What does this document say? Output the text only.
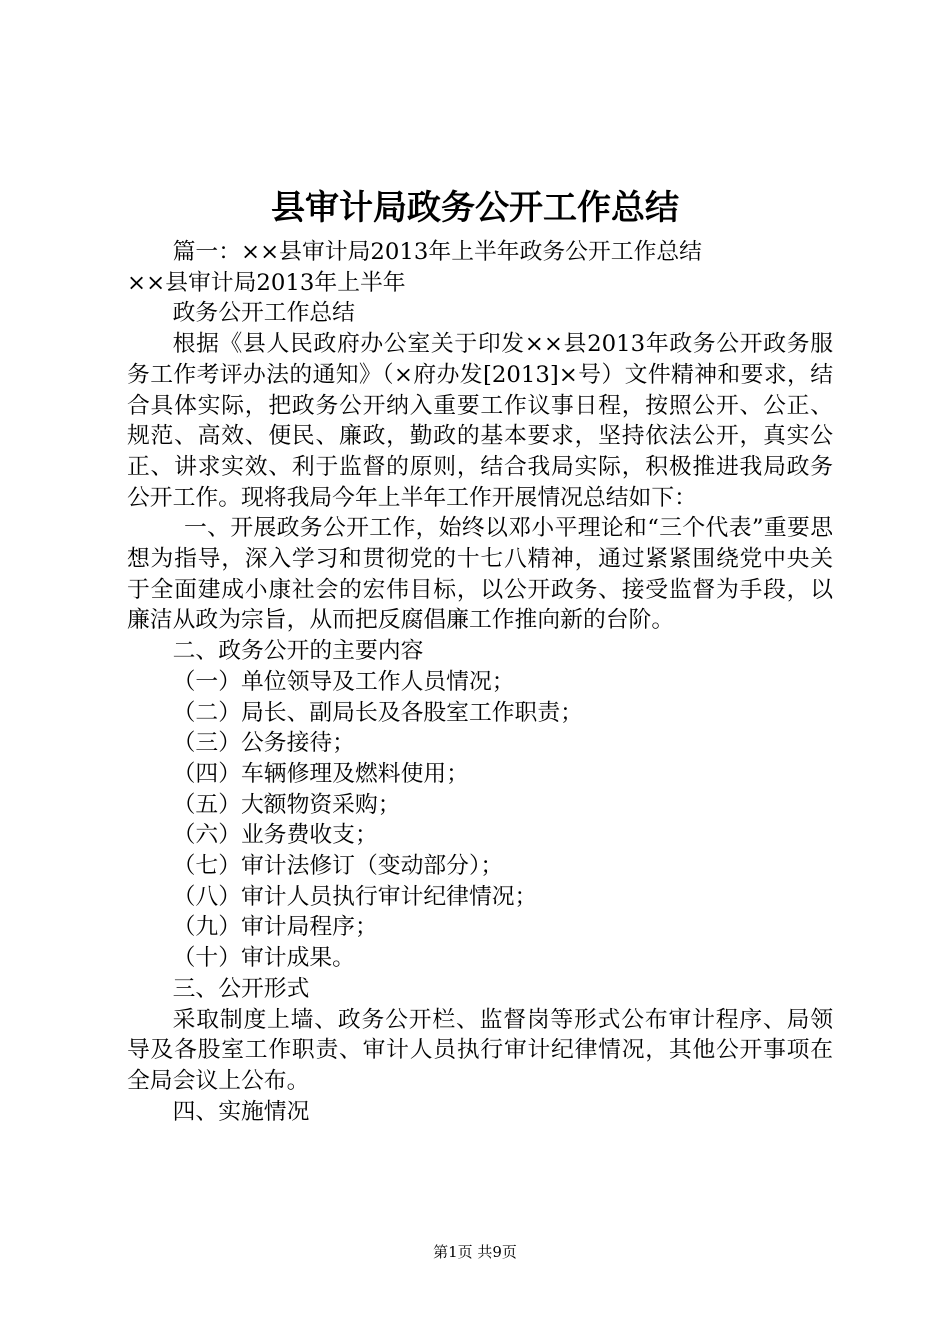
县审计局政务公开工作总结

篇一：××县审计局2013年上半年政务公开工作总结

××县审计局2013年上半年

政务公开工作总结

根据《县人民政府办公室关于印发××县2013年政务公开政务服务工作考评办法的通知》（×府办发[2013]×号）文件精神和要求，结合具体实际，把政务公开纳入重要工作议事日程，按照公开、公正、规范、高效、便民、廉政，勤政的基本要求，坚持依法公开，真实公正、讲求实效、利于监督的原则，结合我局实际，积极推进我局政务公开工作。现将我局今年上半年工作开展情况总结如下：

一、开展政务公开工作，始终以邓小平理论和“三个代表”重要思想为指导，深入学习和贯彻党的十七八精神，通过紧紧围绕党中央关于全面建成小康社会的宏伟目标，以公开政务、接受监督为手段，以廉洁从政为宗旨，从而把反腐倡廉工作推向新的台阶。

二、政务公开的主要内容

（一）单位领导及工作人员情况；

（二）局长、副局长及各股室工作职责；

（三）公务接待；

（四）车辆修理及燃料使用；

（五）大额物资采购；

（六）业务费收支；

（七）审计法修订（变动部分）；

（八）审计人员执行审计纪律情况；

（九）审计局程序；

（十）审计成果。

三、公开形式

采取制度上墙、政务公开栏、监督岗等形式公布审计程序、局领导及各股室工作职责、审计人员执行审计纪律情况，其他公开事项在全局会议上公布。

四、实施情况

第1页 共9页
